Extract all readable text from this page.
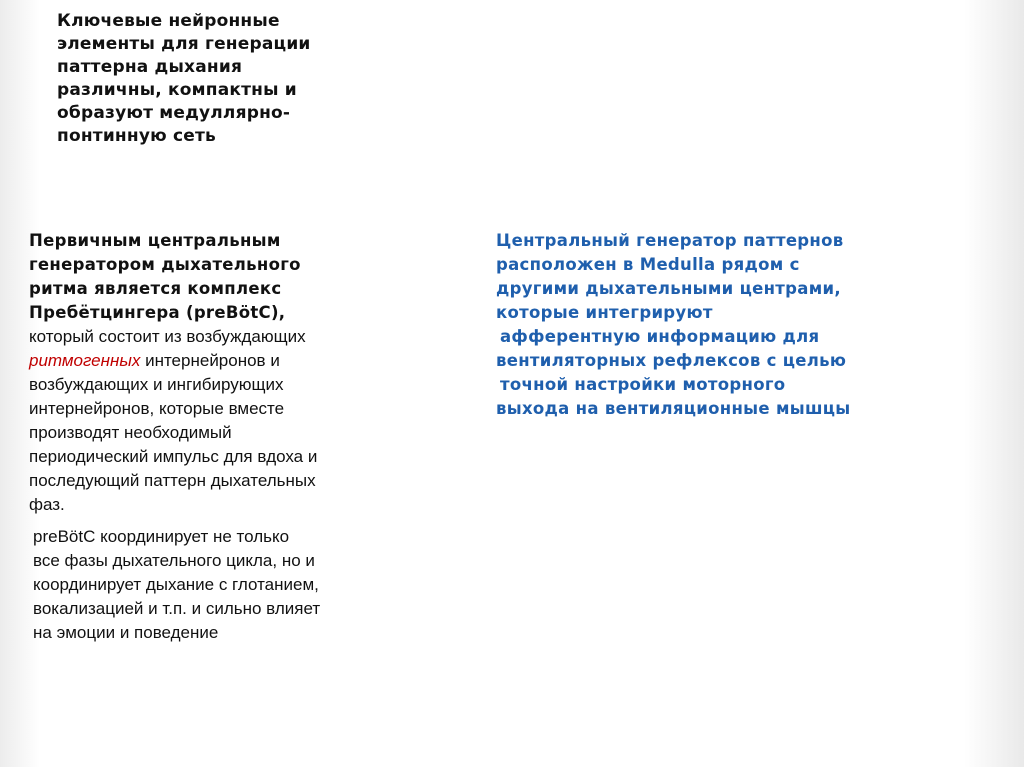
Ключевые нейронные
элементы для генерации
паттерна дыхания
различны, компактны и
образуют медуллярно-
понтинную сеть

Первичным центральным
генератором дыхательного
ритма является комплекс
Пребётцингера (preBötC),
который состоит из возбуждающих
ритмогенных интернейронов и
возбуждающих и ингибирующих
интернейронов, которые вместе
производят необходимый
периодический импульс для вдоха и
последующий паттерн дыхательных
фаз.

preBötC координирует не только
все фазы дыхательного цикла, но и
координирует дыхание с глотанием,
вокализацией и т.п. и сильно влияет
на эмоции и поведение

Центральный генератор паттернов
расположен в Medulla рядом с
другими дыхательными центрами,
которые интегрируют
афферентную информацию для
вентиляторных рефлексов с целью
точной настройки моторного
выхода на вентиляционные мышцы
